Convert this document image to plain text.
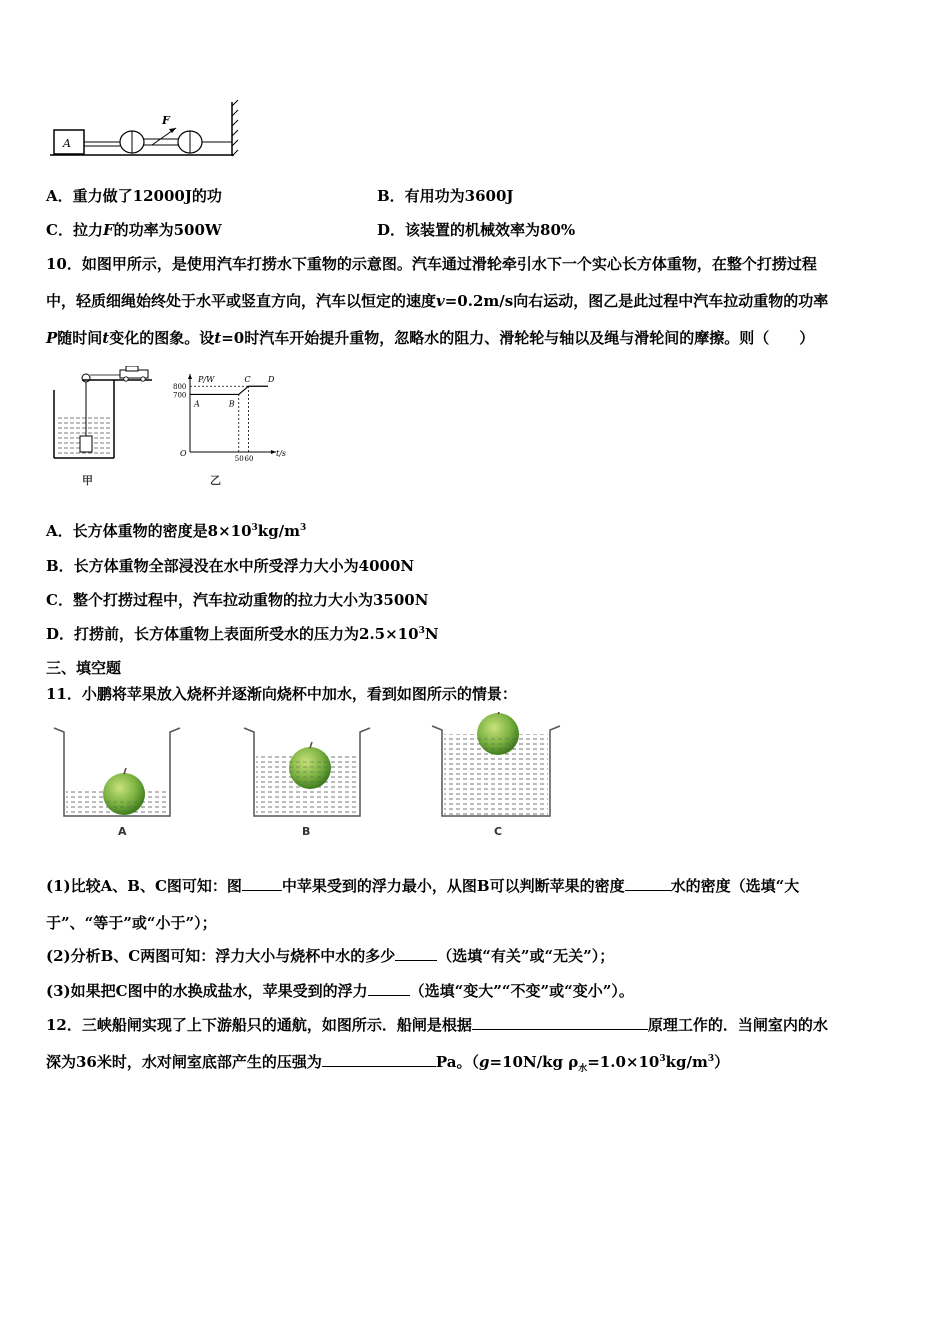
A
F
A．重力做了12000J的功	B．有用功为3600J
C．拉力F的功率为500W	D．该装置的机械效率为80%
10．如图甲所示，是使用汽车打捞水下重物的示意图。汽车通过滑轮牵引水下一个实心长方体重物，在整个打捞过程
中，轻质细绳始终处于水平或竖直方向，汽车以恒定的速度v=0.2m/s向右运动，图乙是此过程中汽车拉动重物的功率
P随时间t变化的图象。设t=0时汽车开始提升重物，忽略水的阻力、滑轮轮与轴以及绳与滑轮间的摩擦。则（　　）
甲
P/W
t/s
O
800
700
50 60
A	B
C D
乙
A．长方体重物的密度是$8\times 10^3kg/m^3$
B．长方体重物全部浸没在水中所受浮力大小为4000N
C．整个打捞过程中，汽车拉动重物的拉力大小为3500N
D．打捞前，长方体重物上表面所受水的压力为$2.5\times 10^3N$
三、填空题
11．小鹏将苹果放入烧杯并逐渐向烧杯中加水，看到如图所示的情景：
A	B	C
(1)比较A、B、C图可知：图	中苹果受到的浮力最小，从图B可以判断苹果的密度	水的密度（选填“大
于”、“等于”或“小于”）；
(2)分析B、C两图可知：浮力大小与烧杯中水的多少	（选填“有关”或“无关”）；
(3)如果把C图中的水换成盐水，苹果受到的浮力	（选填“变大”“不变”或“变小”）。
12．三峡船闸实现了上下游船只的通航，如图所示．船闸是根据	原理工作的．当闸室内的水
深为36米时，水对闸室底部产生的压强为	Pa。（g=10N/kg $\rho_水=1.0\times 10^3kg/m^3$）
